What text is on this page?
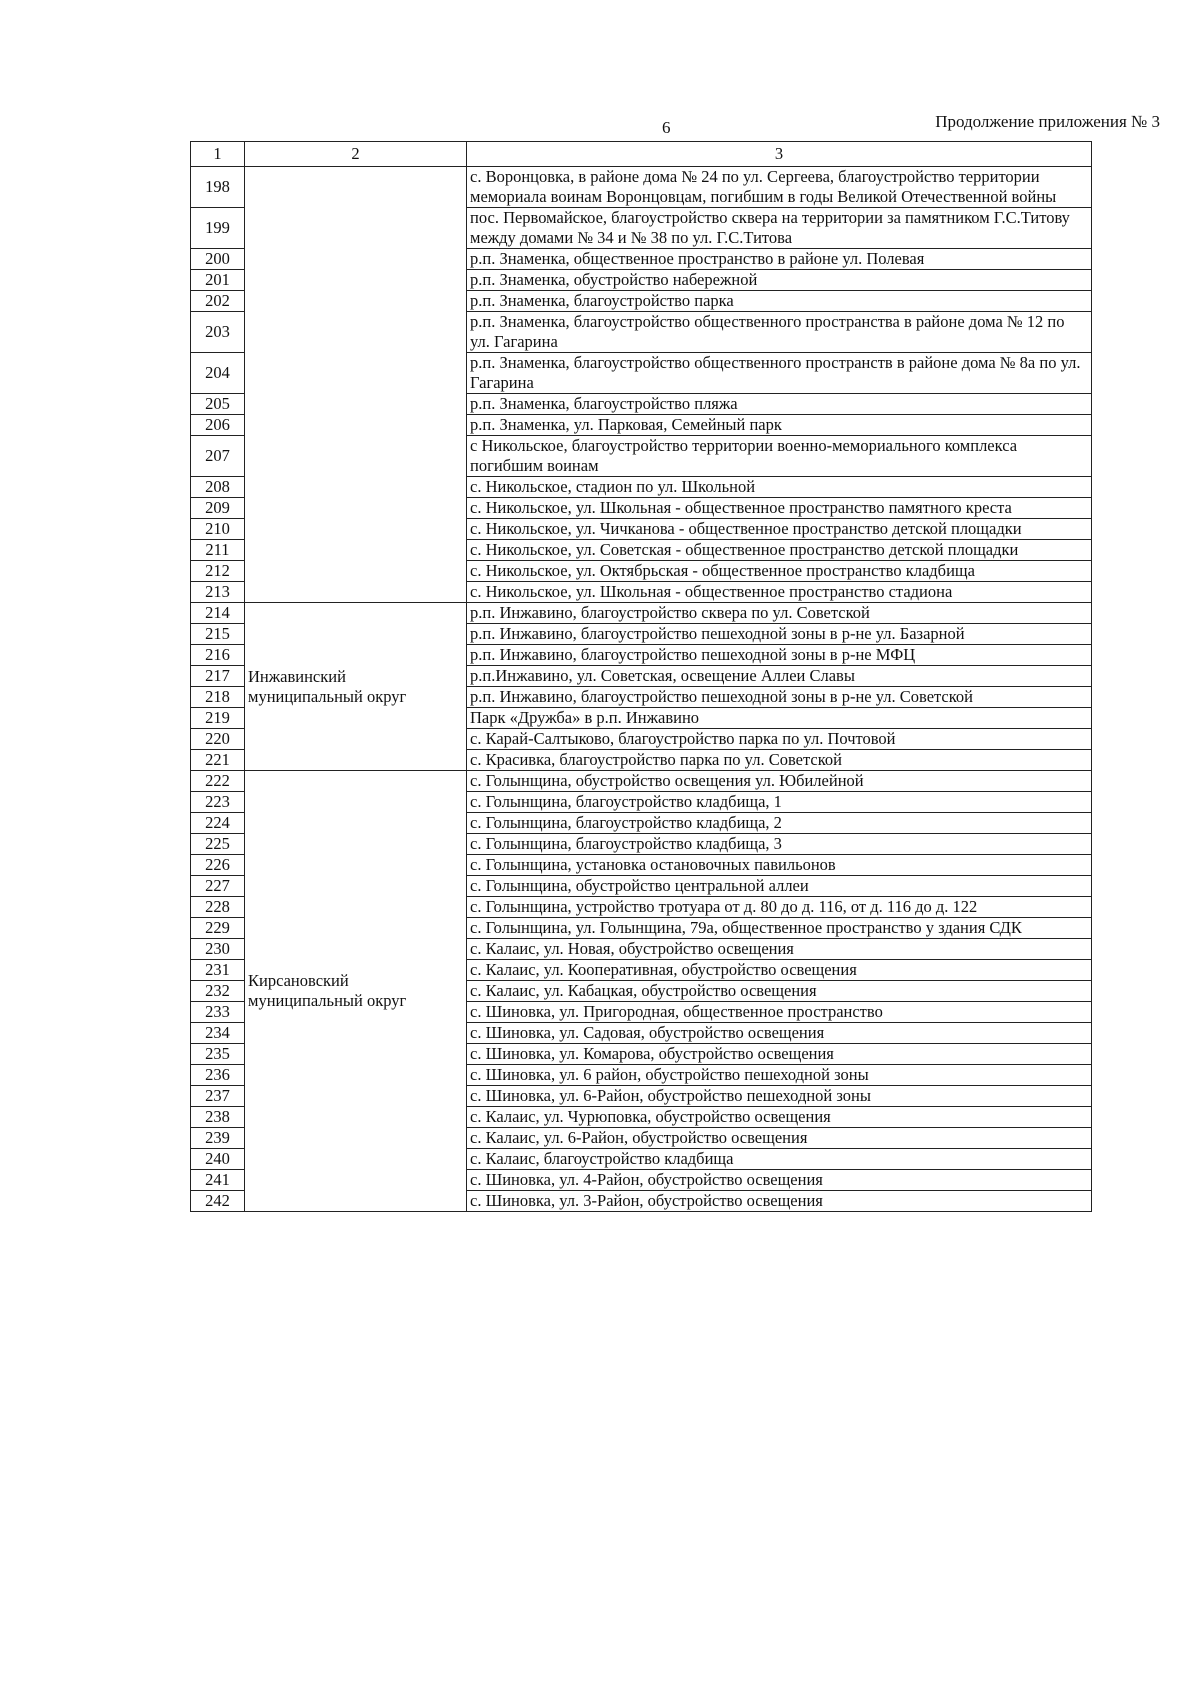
6	Продолжение приложения № 3
1	2	3
198		с. Воронцовка, в районе дома № 24 по ул. Сергеева, благоустройство территории мемориала воинам Воронцовцам, погибшим в годы Великой Отечественной войны
199		пос. Первомайское, благоустройство сквера на территории за памятником Г.С.Титову между домами № 34 и № 38 по ул. Г.С.Титова
200		р.п. Знаменка, общественное пространство в районе ул. Полевая
201		р.п. Знаменка, обустройство набережной
202		р.п. Знаменка, благоустройство парка
203		р.п. Знаменка, благоустройство общественного пространства в районе дома № 12 по ул. Гагарина
204		р.п. Знаменка, благоустройство общественного пространств в районе дома № 8а по ул. Гагарина
205		р.п. Знаменка, благоустройство пляжа
206		р.п. Знаменка, ул. Парковая, Семейный парк
207		с Никольское, благоустройство территории военно-мемориального комплекса погибшим воинам
208		с. Никольское, стадион по ул. Школьной
209		с. Никольское, ул. Школьная - общественное пространство памятного креста
210		с. Никольское, ул. Чичканова - общественное пространство детской площадки
211		с. Никольское, ул. Советская - общественное пространство детской площадки
212		с. Никольское, ул. Октябрьская - общественное пространство кладбища
213		с. Никольское, ул. Школьная - общественное пространство стадиона
214	Инжавинский муниципальный округ	р.п. Инжавино, благоустройство сквера по ул. Советской
215		р.п. Инжавино, благоустройство пешеходной зоны в р-не ул. Базарной
216		р.п. Инжавино, благоустройство пешеходной зоны в р-не МФЦ
217		р.п.Инжавино, ул. Советская, освещение Аллеи Славы
218		р.п. Инжавино, благоустройство пешеходной зоны в р-не ул. Советской
219		Парк «Дружба» в р.п. Инжавино
220		с. Карай-Салтыково, благоустройство парка по ул. Почтовой
221		с. Красивка, благоустройство парка по ул. Советской
222	Кирсановский муниципальный округ	с. Голынщина, обустройство освещения ул. Юбилейной
223		с. Голынщина, благоустройство кладбища, 1
224		с. Голынщина, благоустройство кладбища, 2
225		с. Голынщина, благоустройство кладбища, 3
226		с. Голынщина, установка остановочных павильонов
227		с. Голынщина, обустройство центральной аллеи
228		с. Голынщина, устройство тротуара от д. 80 до д. 116, от д. 116 до д. 122
229		с. Голынщина, ул. Голынщина, 79а, общественное пространство у здания СДК
230		с. Калаис, ул. Новая, обустройство освещения
231		с. Калаис, ул. Кооперативная, обустройство освещения
232		с. Калаис, ул. Кабацкая, обустройство освещения
233		с. Шиновка, ул. Пригородная, общественное пространство
234		с. Шиновка, ул. Садовая, обустройство освещения
235		с. Шиновка, ул. Комарова, обустройство освещения
236		с. Шиновка, ул. 6 район, обустройство пешеходной зоны
237		с. Шиновка, ул. 6-Район, обустройство пешеходной зоны
238		с. Калаис, ул. Чурюповка, обустройство освещения
239		с. Калаис, ул. 6-Район, обустройство освещения
240		с. Калаис, благоустройство кладбища
241		с. Шиновка, ул. 4-Район, обустройство освещения
242		с. Шиновка, ул. 3-Район, обустройство освещения
